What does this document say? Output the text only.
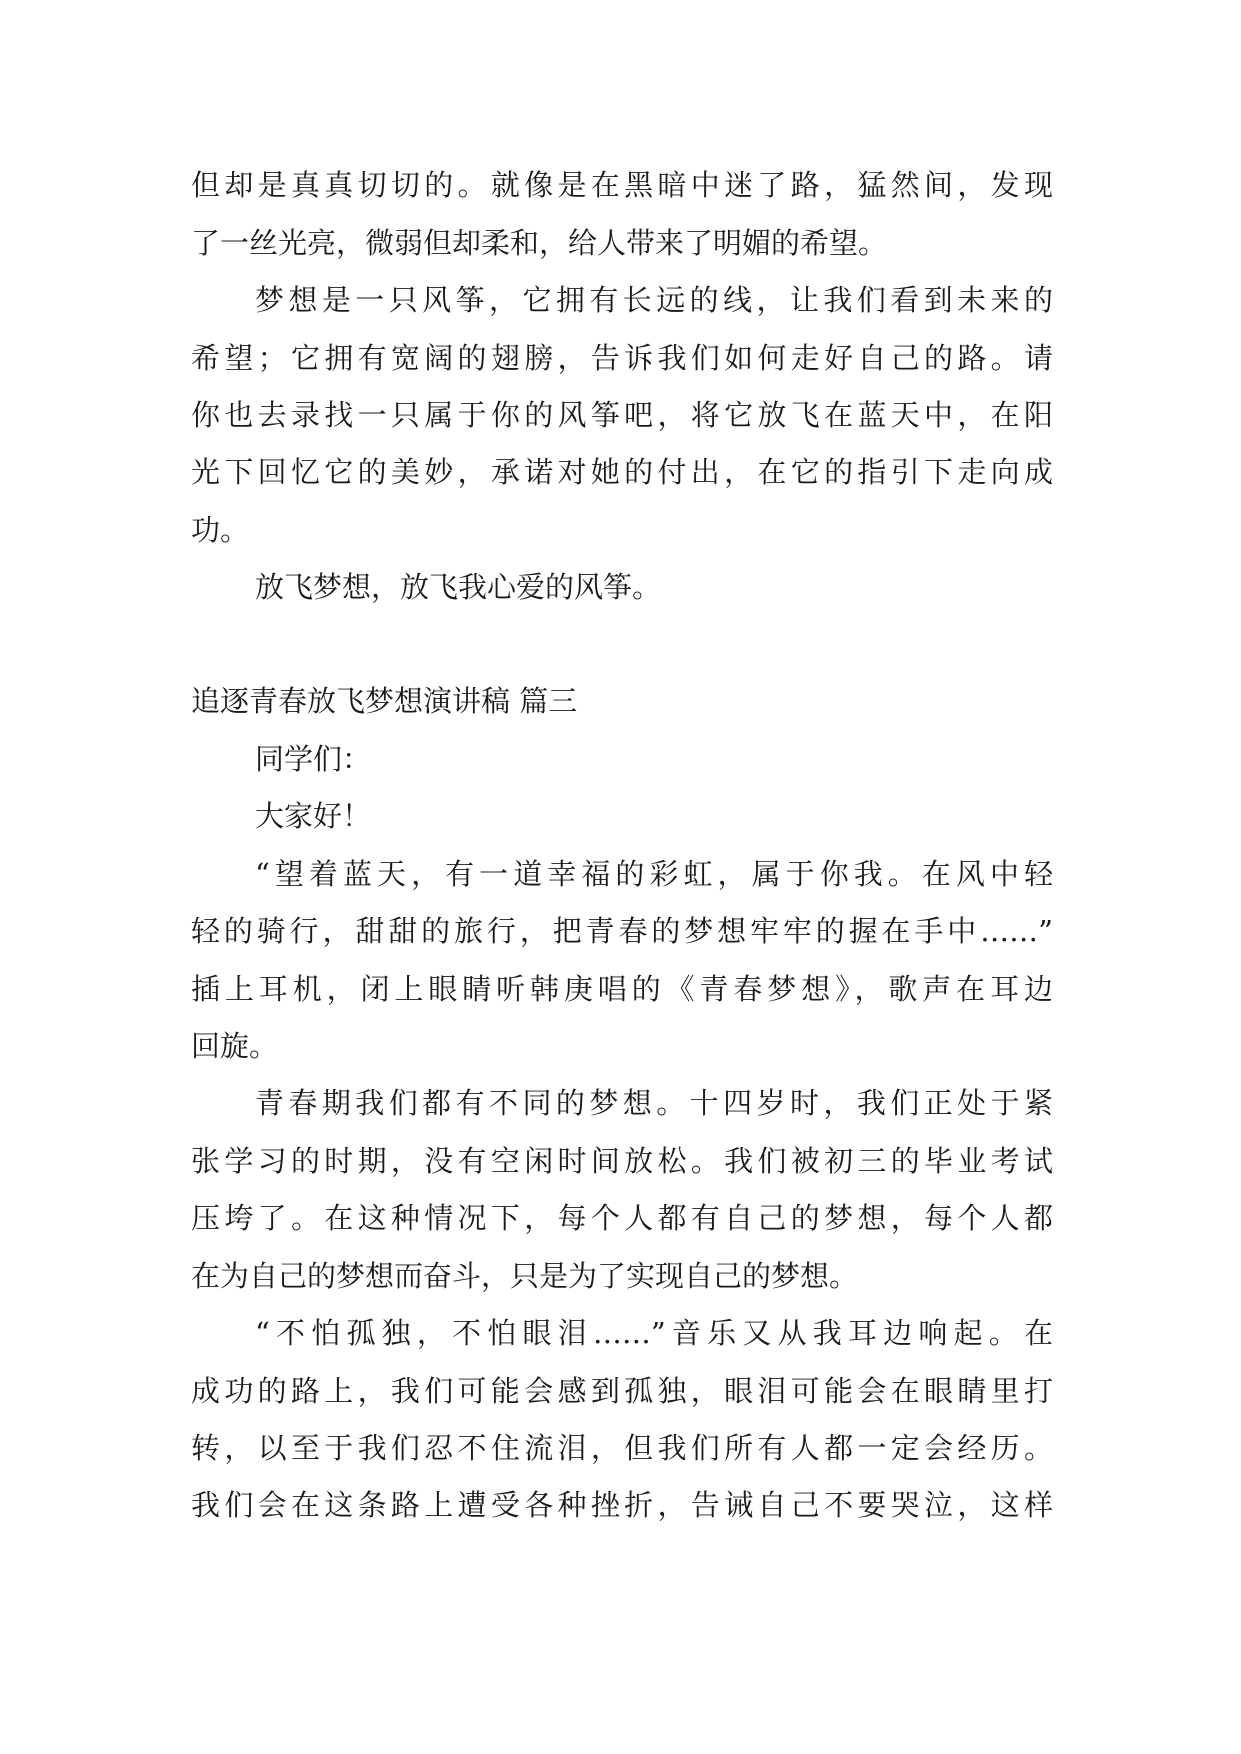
但却是真真切切的。就像是在黑暗中迷了路，猛然间，发现
了一丝光亮，微弱但却柔和，给人带来了明媚的希望。
梦想是一只风筝，它拥有长远的线，让我们看到未来的
希望；它拥有宽阔的翅膀，告诉我们如何走好自己的路。请
你也去录找一只属于你的风筝吧，将它放飞在蓝天中，在阳
光下回忆它的美妙，承诺对她的付出，在它的指引下走向成
功。
放飞梦想，放飞我心爱的风筝。
追逐青春放飞梦想演讲稿 篇三
同学们：
大家好！
“望着蓝天，有一道幸福的彩虹，属于你我。在风中轻
轻的骑行，甜甜的旅行，把青春的梦想牢牢的握在手中……”
插上耳机，闭上眼睛听韩庚唱的《青春梦想》，歌声在耳边
回旋。
青春期我们都有不同的梦想。十四岁时，我们正处于紧
张学习的时期，没有空闲时间放松。我们被初三的毕业考试
压垮了。在这种情况下，每个人都有自己的梦想，每个人都
在为自己的梦想而奋斗，只是为了实现自己的梦想。
“不怕孤独，不怕眼泪……”音乐又从我耳边响起。在
成功的路上，我们可能会感到孤独，眼泪可能会在眼睛里打
转，以至于我们忍不住流泪，但我们所有人都一定会经历。
我们会在这条路上遭受各种挫折，告诫自己不要哭泣，这样
